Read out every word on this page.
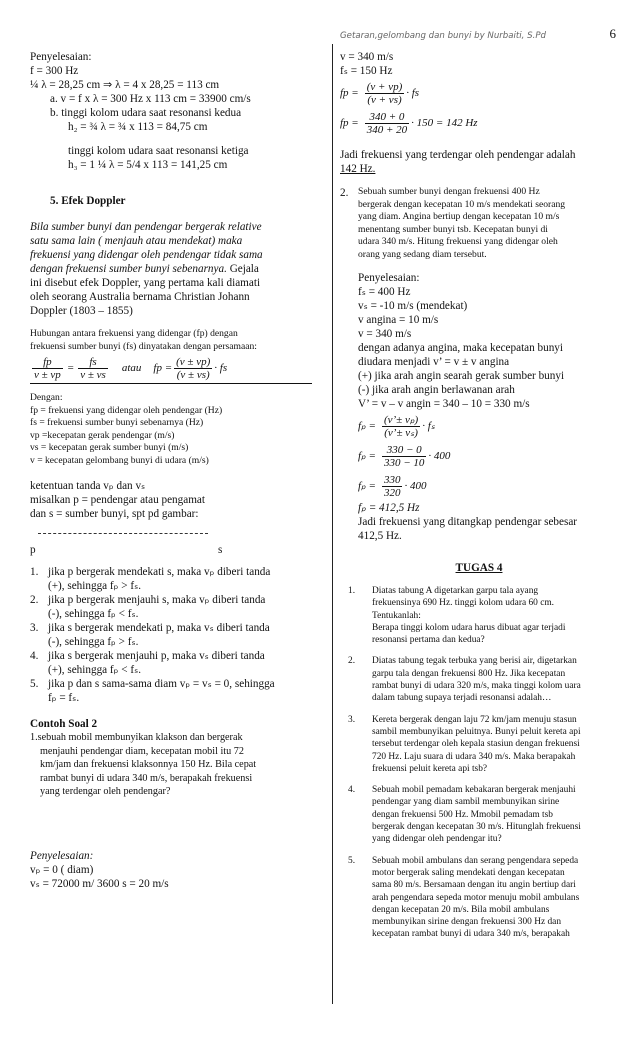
Getaran,gelombang dan bunyi by Nurbaiti, S.Pd	6
Penyelesaian:
f = 300 Hz
¼ λ = 28,25 cm ⇒ λ = 4 x 28,25 = 113 cm
a. v = f x λ = 300 Hz x 113 cm = 33900 cm/s
b. tinggi kolom udara saat resonansi kedua
h₂ = ¾ λ = ¾ x 113 = 84,75 cm
tinggi kolom udara saat resonansi ketiga
h₃ = 1 ¼ λ = 5/4 x 113 = 141,25 cm
5. Efek Doppler
Bila sumber bunyi dan pendengar bergerak relative
satu sama lain ( menjauh atau mendekat) maka
frekuensi yang didengar oleh pendengar tidak sama
dengan frekuensi sumber bunyi sebenarnya. Gejala
ini disebut efek Doppler, yang pertama kali diamati
oleh seorang Australia bernama Christian Johann
Doppler (1803 – 1855)
Hubungan antara frekuensi yang didengar (fp) dengan
frekuensi sumber bunyi (fs) dinyatakan dengan persamaan:
$\frac{fp}{v \pm vp} = \frac{fs}{v \pm vs}$ atau fp = $\frac{(v \pm vp)}{(v \pm vs)}$ · fs
Dengan:
fp = frekuensi yang didengar oleh pendengar (Hz)
fs = frekuensi sumber bunyi sebenarnya (Hz)
vp =kecepatan gerak pendengar (m/s)
vs = kecepatan gerak sumber bunyi (m/s)
v = kecepatan gelombang bunyi di udara (m/s)
ketentuan tanda vₚ dan vₛ
misalkan p = pendengar atau pengamat
dan s = sumber bunyi, spt pd gambar:
p	s
1. jika p bergerak mendekati s, maka vₚ diberi tanda
(+), sehingga fₚ > fₛ.
2. jika p bergerak menjauhi s, maka vₚ diberi tanda
(-), sehingga fₚ < fₛ.
3. jika s bergerak mendekati p, maka vₛ diberi tanda
(-), sehingga fₚ > fₛ.
4. jika s bergerak menjauhi p, maka vₛ diberi tanda
(+), sehingga fₚ < fₛ.
5. jika p dan s sama-sama diam vₚ = vₛ = 0, sehingga
fₚ = fₛ.
Contoh Soal 2
1.sebuah mobil membunyikan klakson dan bergerak
menjauhi pendengar diam, kecepatan mobil itu 72
km/jam dan frekuensi klaksonnya 150 Hz. Bila cepat
rambat bunyi di udara 340 m/s, berapakah frekuensi
yang terdengar oleh pendengar?
Penyelesaian:
vₚ = 0 ( diam)
vₛ = 72000 m/ 3600 s = 20 m/s
v = 340 m/s
fₛ = 150 Hz
fp = $\frac{(v + vp)}{(v + vs)}$ · fs
fp = $\frac{340 + 0}{340 + 20} \cdot 150 = 142$ Hz
Jadi frekuensi yang terdengar oleh pendengar adalah
142 Hz.
2. Sebuah sumber bunyi dengan frekuensi 400 Hz
bergerak dengan kecepatan 10 m/s mendekati seorang
yang diam. Angina bertiup dengan kecepatan 10 m/s
menentang sumber bunyi tsb. Kecepatan bunyi di
udara 340 m/s. Hitung frekuensi yang didengar oleh
orang yang sedang diam tersebut.
Penyelesaian:
fₛ = 400 Hz
vₛ = -10 m/s (mendekat)
v angina = 10 m/s
v = 340 m/s
dengan adanya angina, maka kecepatan bunyi
diudara menjadi v’ = v ± v angina
(+) jika arah angin searah gerak sumber bunyi
(-) jika arah angin berlawanan arah
V’ = v – v angin = 340 – 10 = 330 m/s
$f_p = \frac{\text{(v’± vₚ)}}{\text{(v’± vₛ)}} \cdot f_s$
$f_p = \frac{330 - 0}{330 - 10} \cdot 400$
$f_p = \frac{330}{320} \cdot 400$
fₚ = 412,5 Hz
Jadi frekuensi yang ditangkap pendengar sebesar
412,5 Hz.
TUGAS 4
1. Diatas tabung A digetarkan garpu tala ayang
frekuensinya 690 Hz. tinggi kolom udara 60 cm.
Tentukanlah:
Berapa tinggi kolom udara harus dibuat agar terjadi
resonansi pertama dan kedua?
2. Diatas tabung tegak terbuka yang berisi air, digetarkan
garpu tala dengan frekuensi 800 Hz. Jika kecepatan
rambat bunyi di udara 320 m/s, maka tinggi kolom uara
dalam tabung supaya terjadi resonansi adalah…
3. Kereta bergerak dengan laju 72 km/jam menuju stasun
sambil membunyikan peluitnya. Bunyi peluit kereta api
tersebut terdengar oleh kepala stasiun dengan frekuensi
720 Hz. Laju suara di udara 340 m/s. Maka berapakah
frekuensi peluit kereta api tsb?
4. Sebuah mobil pemadam kebakaran bergerak menjauhi
pendengar yang diam sambil membunyikan sirine
dengan frekuensi 500 Hz. Mmobil pemadam tsb
bergerak dengan kecepatan 30 m/s. Hitunglah frekuensi
yang didengar oleh pendengar itu?
5. Sebuah mobil ambulans dan serang pengendara sepeda
motor bergerak saling mendekati dengan kecepatan
sama 80 m/s. Bersamaan dengan itu angin bertiup dari
arah pengendara sepeda motor menuju mobil ambulans
dengan kecepatan 20 m/s. Bila mobil ambulans
membunyikan sirine dengan frekuensi 300 Hz dan
kecepatan rambat bunyi di udara 340 m/s, berapakah
